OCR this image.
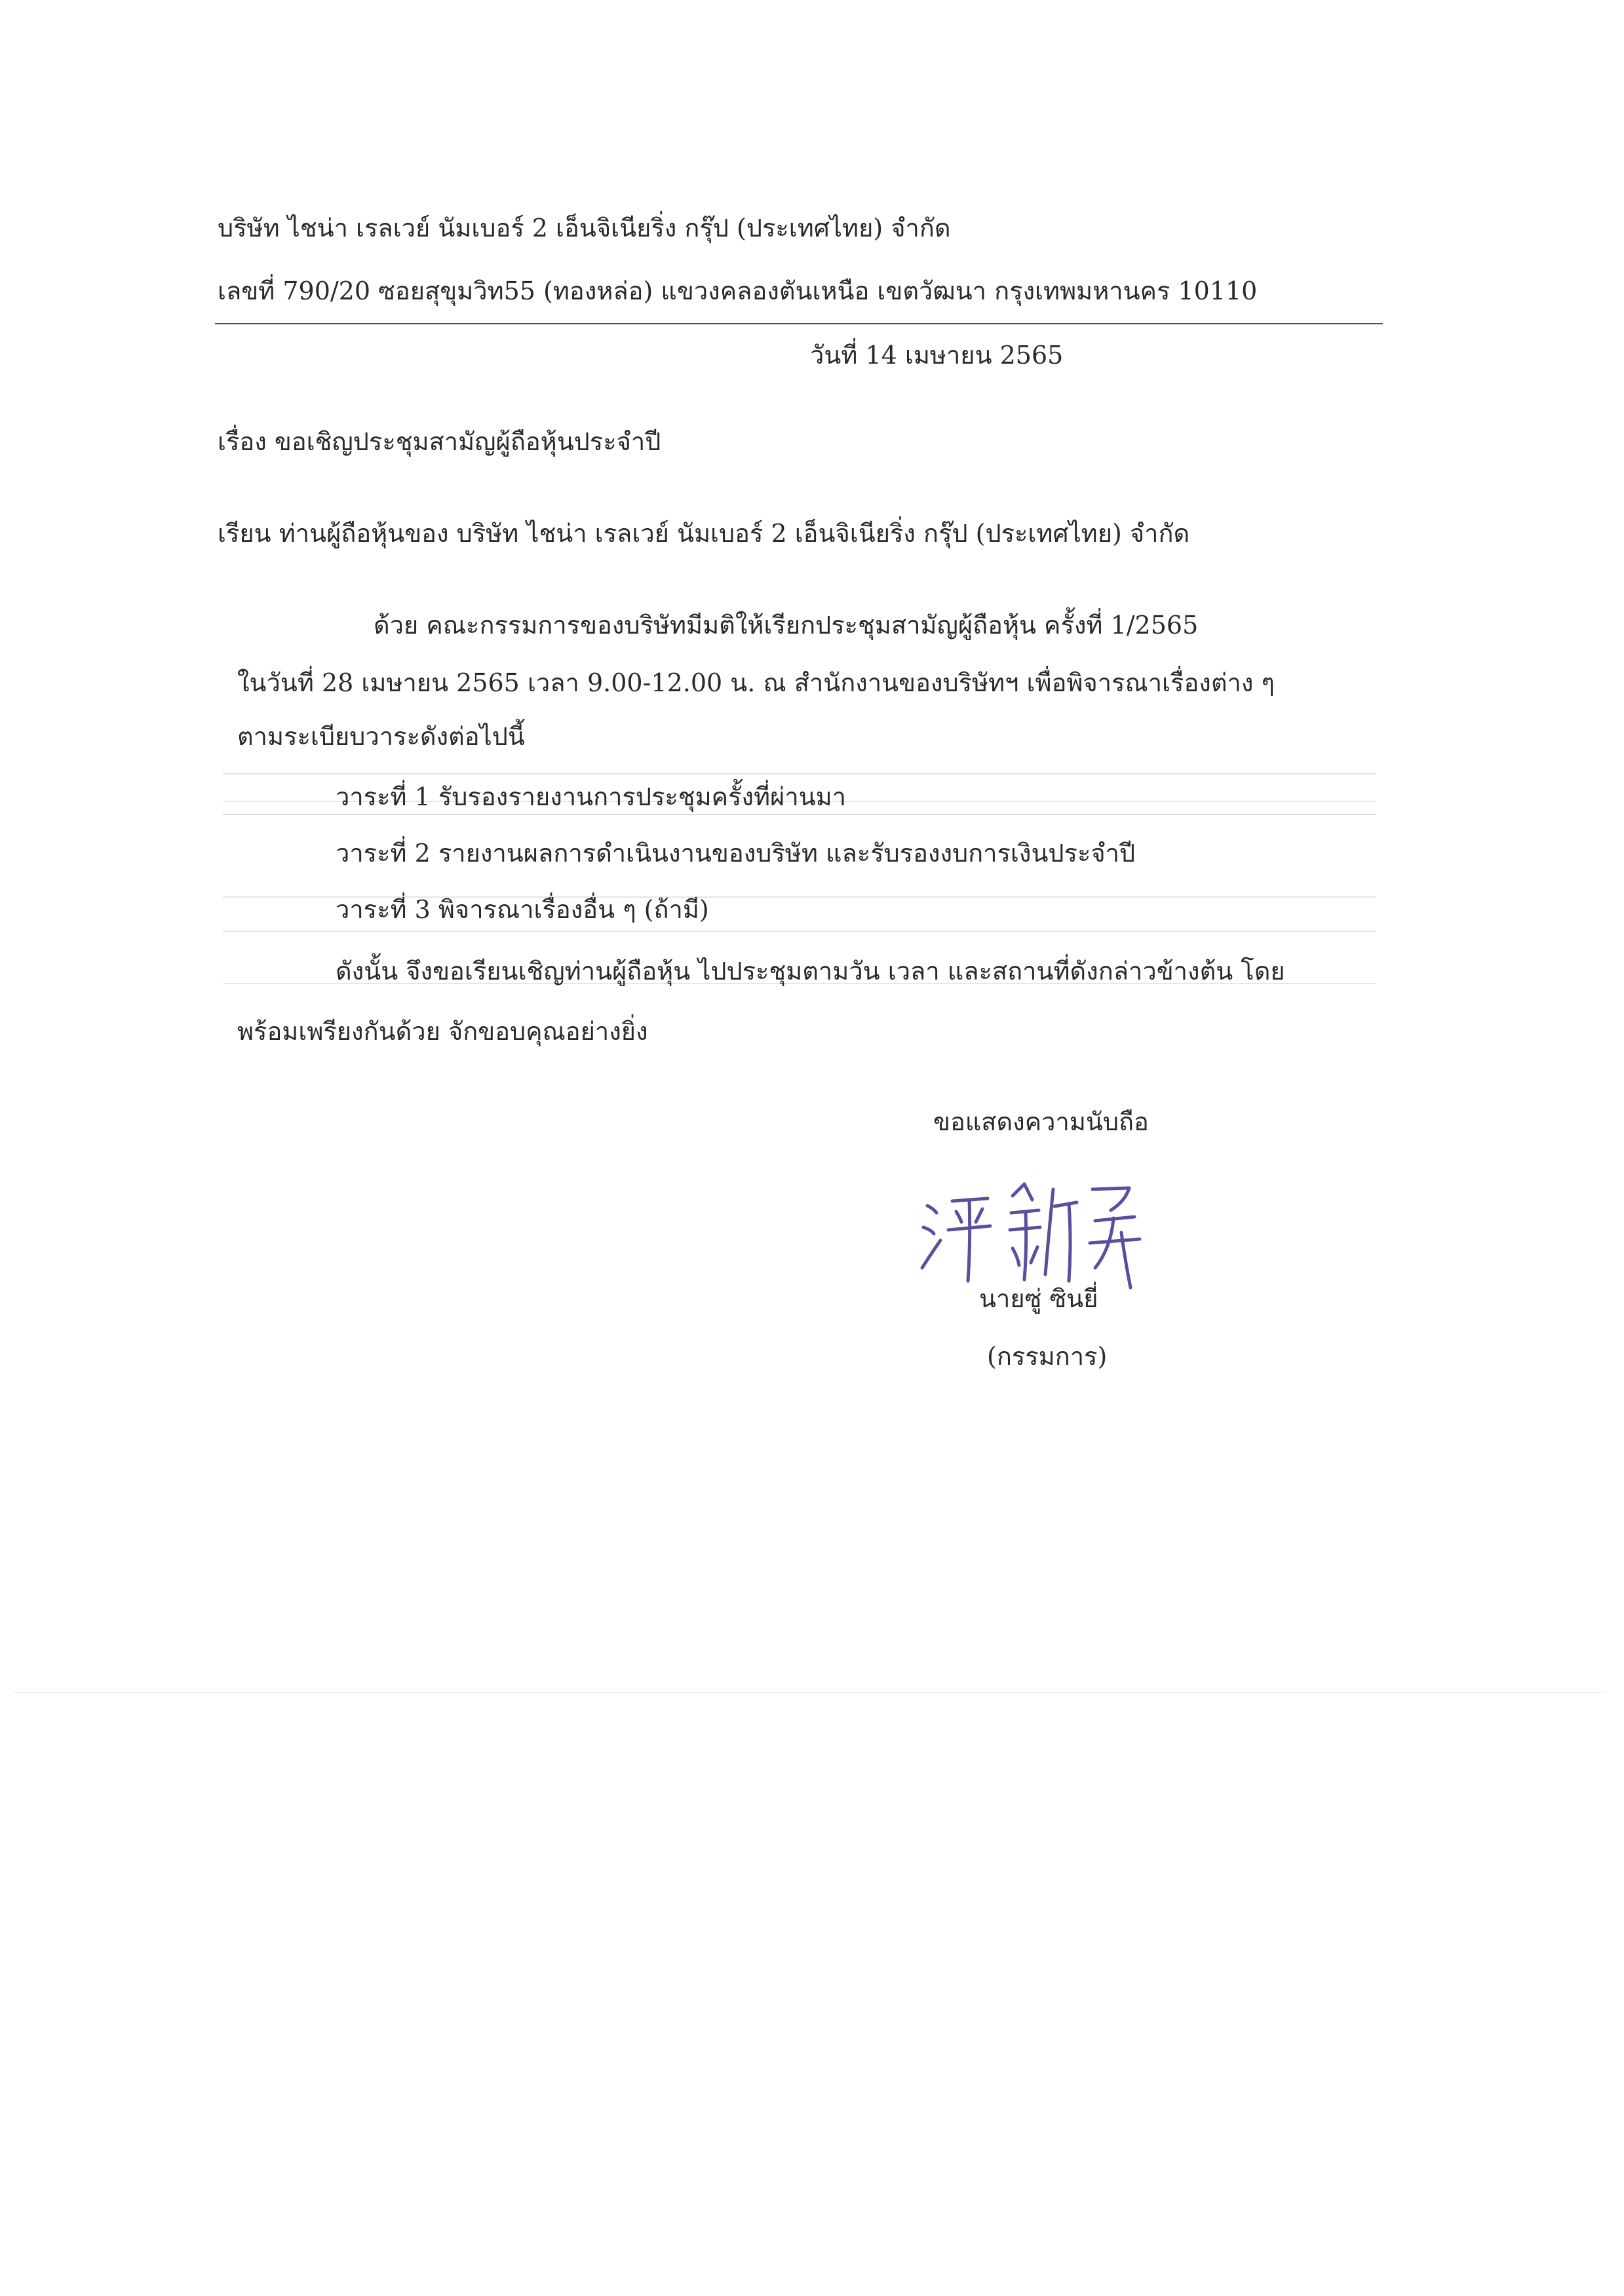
บริษัท ไชน่า เรลเวย์ นัมเบอร์ 2 เอ็นจิเนียริ่ง กรุ๊ป (ประเทศไทย) จำกัด
เลขที่ 790/20 ซอยสุขุมวิท55 (ทองหล่อ) แขวงคลองตันเหนือ เขตวัฒนา กรุงเทพมหานคร 10110
วันที่ 14 เมษายน 2565
เรื่อง ขอเชิญประชุมสามัญผู้ถือหุ้นประจำปี
เรียน ท่านผู้ถือหุ้นของ บริษัท ไชน่า เรลเวย์ นัมเบอร์ 2 เอ็นจิเนียริ่ง กรุ๊ป (ประเทศไทย) จำกัด
ด้วย คณะกรรมการของบริษัทมีมติให้เรียกประชุมสามัญผู้ถือหุ้น ครั้งที่ 1/2565
ในวันที่ 28 เมษายน 2565 เวลา 9.00-12.00 น. ณ สำนักงานของบริษัทฯ เพื่อพิจารณาเรื่องต่าง ๆ
ตามระเบียบวาระดังต่อไปนี้
วาระที่ 1 รับรองรายงานการประชุมครั้งที่ผ่านมา
วาระที่ 2 รายงานผลการดำเนินงานของบริษัท และรับรองงบการเงินประจำปี
วาระที่ 3 พิจารณาเรื่องอื่น ๆ (ถ้ามี)
ดังนั้น จึงขอเรียนเชิญท่านผู้ถือหุ้น ไปประชุมตามวัน เวลา และสถานที่ดังกล่าวข้างต้น โดย
พร้อมเพรียงกันด้วย จักขอบคุณอย่างยิ่ง
ขอแสดงความนับถือ
นายซู่ ซินยี่
(กรรมการ)
